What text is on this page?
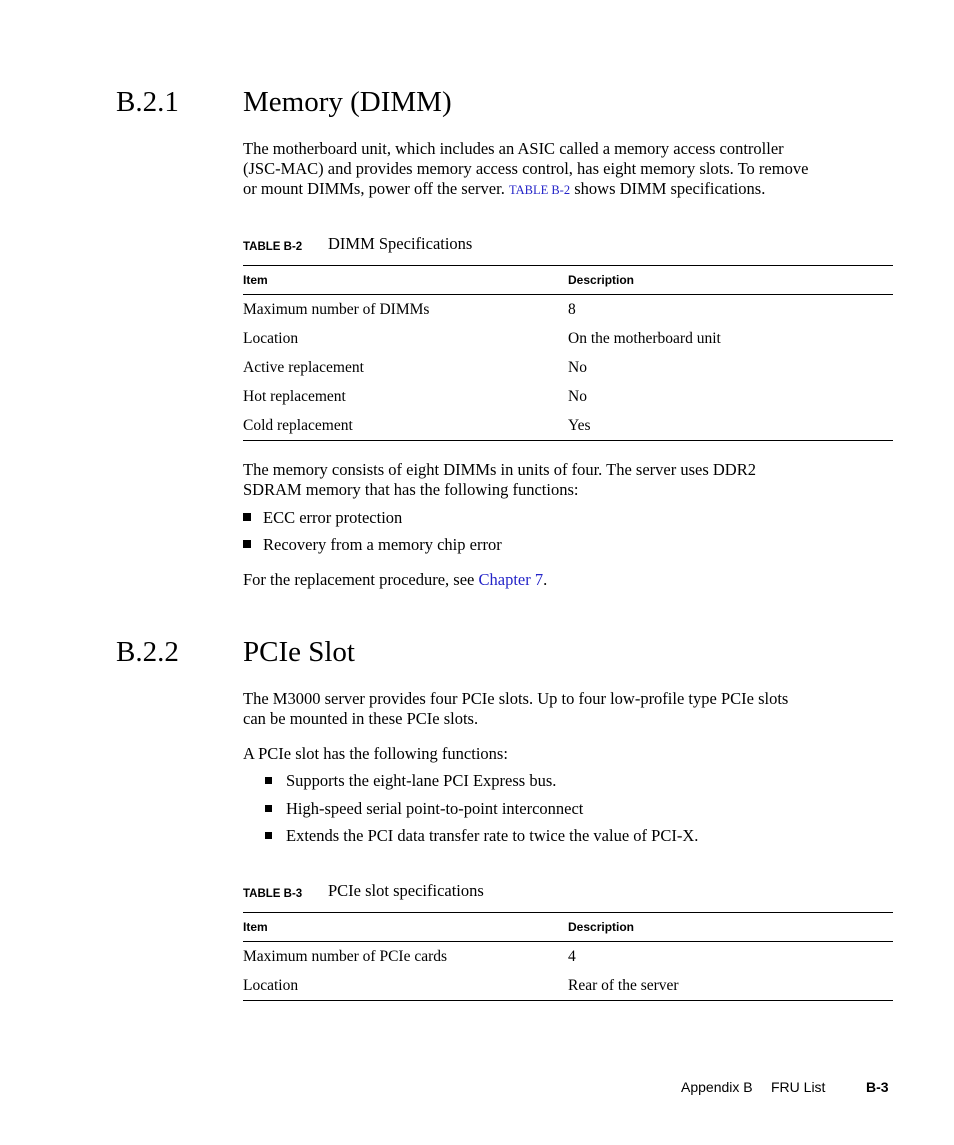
B.2.1 Memory (DIMM)
The motherboard unit, which includes an ASIC called a memory access controller
(JSC-MAC) and provides memory access control, has eight memory slots. To remove
or mount DIMMs, power off the server. TABLE B-2 shows DIMM specifications.
TABLE B-2 DIMM Specifications
Item	Description
Maximum number of DIMMs	8
Location	On the motherboard unit
Active replacement	No
Hot replacement	No
Cold replacement	Yes
The memory consists of eight DIMMs in units of four. The server uses DDR2
SDRAM memory that has the following functions:
ECC error protection
Recovery from a memory chip error
For the replacement procedure, see Chapter 7.
B.2.2 PCIe Slot
The M3000 server provides four PCIe slots. Up to four low-profile type PCIe slots
can be mounted in these PCIe slots.
A PCIe slot has the following functions:
Supports the eight-lane PCI Express bus.
High-speed serial point-to-point interconnect
Extends the PCI data transfer rate to twice the value of PCI-X.
TABLE B-3 PCIe slot specifications
Item	Description
Maximum number of PCIe cards	4
Location	Rear of the server
Appendix B FRU List	B-3
